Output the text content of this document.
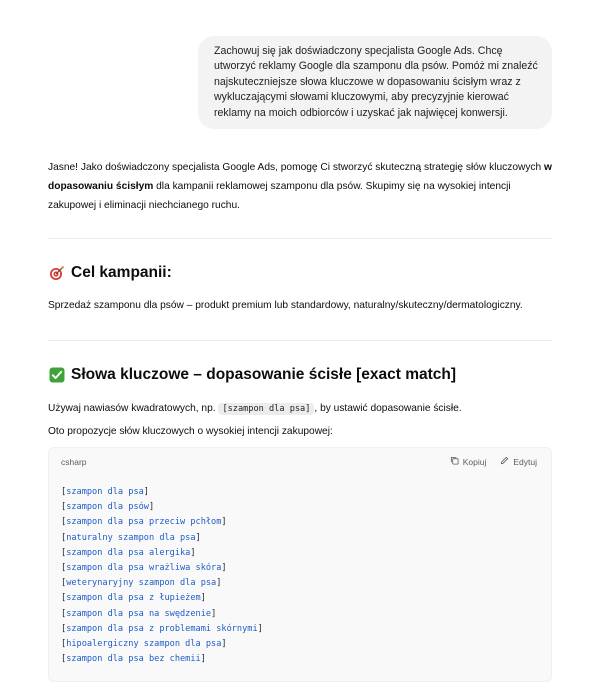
Zachowuj się jak doświadczony specjalista Google Ads. Chcę utworzyć reklamy Google dla szamponu dla psów. Pomóż mi znaleźć najskuteczniejsze słowa kluczowe w dopasowaniu ścisłym wraz z wykluczającymi słowami kluczowymi, aby precyzyjnie kierować reklamy na moich odbiorców i uzyskać jak najwięcej konwersji.
Jasne! Jako doświadczony specjalista Google Ads, pomogę Ci stworzyć skuteczną strategię słów kluczowych w dopasowaniu ścisłym dla kampanii reklamowej szamponu dla psów. Skupimy się na wysokiej intencji zakupowej i eliminacji niechcianego ruchu.
Cel kampanii:
Sprzedaż szamponu dla psów – produkt premium lub standardowy, naturalny/skuteczny/dermatologiczny.
Słowa kluczowe – dopasowanie ścisłe [exact match]
Używaj nawiasów kwadratowych, np. [szampon dla psa] , by ustawić dopasowanie ścisłe.
Oto propozycje słów kluczowych o wysokiej intencji zakupowej:
csharp	Kopiuj	Edytuj
[szampon dla psa]
[szampon dla psów]
[szampon dla psa przeciw pchłom]
[naturalny szampon dla psa]
[szampon dla psa alergika]
[szampon dla psa wrażliwa skóra]
[weterynaryjny szampon dla psa]
[szampon dla psa z łupieżem]
[szampon dla psa na swędzenie]
[szampon dla psa z problemami skórnymi]
[hipoalergiczny szampon dla psa]
[szampon dla psa bez chemii]
